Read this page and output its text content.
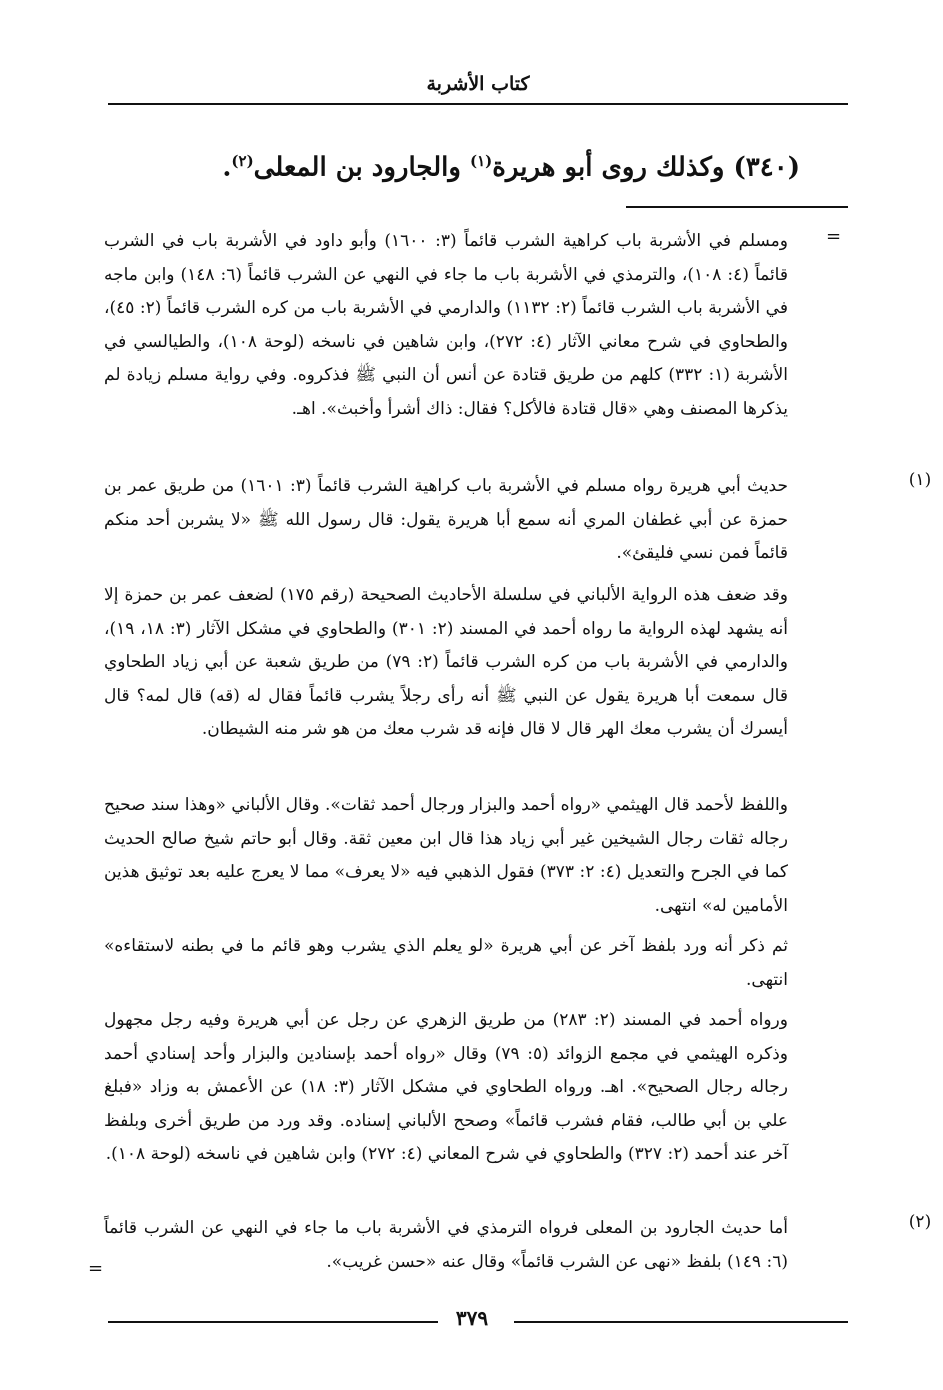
كتاب الأشربة
(٣٤٠) وكذلك روى أبو هريرة$^{(١)}$ والجارود بن المعلى$^{(٢)}$.
=
ومسلم في الأشربة باب كراهية الشرب قائماً (٣: ١٦٠٠) وأبو داود في الأشربة باب في الشرب قائماً (٤: ١٠٨)، والترمذي في الأشربة باب ما جاء في النهي عن الشرب قائماً (٦: ١٤٨) وابن ماجه في الأشربة باب الشرب قائماً (٢: ١١٣٢) والدارمي في الأشربة باب من كره الشرب قائماً (٢: ٤٥)، والطحاوي في شرح معاني الآثار (٤: ٢٧٢)، وابن شاهين في ناسخه (لوحة ١٠٨)، والطيالسي في الأشربة (١: ٣٣٢) كلهم من طريق قتادة عن أنس أن النبي ﷺ فذكروه. وفي رواية مسلم زيادة لم يذكرها المصنف وهي «قال قتادة فالأكل؟ فقال: ذاك أشرأ وأخبث». اهـ.
(١)
حديث أبي هريرة رواه مسلم في الأشربة باب كراهية الشرب قائماً (٣: ١٦٠١) من طريق عمر بن حمزة عن أبي غطفان المري أنه سمع أبا هريرة يقول: قال رسول الله ﷺ «لا يشربن أحد منكم قائماً فمن نسي فليقئ».
وقد ضعف هذه الرواية الألباني في سلسلة الأحاديث الصحيحة (رقم ١٧٥) لضعف عمر بن حمزة إلا أنه يشهد لهذه الرواية ما رواه أحمد في المسند (٢: ٣٠١) والطحاوي في مشكل الآثار (٣: ١٨، ١٩)، والدارمي في الأشربة باب من كره الشرب قائماً (٢: ٧٩) من طريق شعبة عن أبي زياد الطحاوي قال سمعت أبا هريرة يقول عن النبي ﷺ أنه رأى رجلاً يشرب قائماً فقال له (قه) قال لمه؟ قال أيسرك أن يشرب معك الهر قال لا قال فإنه قد شرب معك من هو شر منه الشيطان.
واللفظ لأحمد قال الهيثمي «رواه أحمد والبزار ورجال أحمد ثقات». وقال الألباني «وهذا سند صحيح رجاله ثقات رجال الشيخين غير أبي زياد هذا قال ابن معين ثقة. وقال أبو حاتم شيخ صالح الحديث كما في الجرح والتعديل (٤: ٢: ٣٧٣) فقول الذهبي فيه «لا يعرف» مما لا يعرج عليه بعد توثيق هذين الأمامين له» انتهى.
ثم ذكر أنه ورد بلفظ آخر عن أبي هريرة «لو يعلم الذي يشرب وهو قائم ما في بطنه لاستقاءه» انتهى.
ورواه أحمد في المسند (٢: ٢٨٣) من طريق الزهري عن رجل عن أبي هريرة وفيه رجل مجهول وذكره الهيثمي في مجمع الزوائد (٥: ٧٩) وقال «رواه أحمد بإسنادين والبزار وأحد إسنادي أحمد رجاله رجال الصحيح». اهـ. ورواه الطحاوي في مشكل الآثار (٣: ١٨) عن الأعمش به وزاد «فبلغ علي بن أبي طالب، فقام فشرب قائماً» وصحح الألباني إسناده. وقد ورد من طريق أخرى وبلفظ آخر عند أحمد (٢: ٣٢٧) والطحاوي في شرح المعاني (٤: ٢٧٢) وابن شاهين في ناسخه (لوحة ١٠٨).
(٢)
أما حديث الجارود بن المعلى فرواه الترمذي في الأشربة باب ما جاء في النهي عن الشرب قائماً (٦: ١٤٩) بلفظ «نهى عن الشرب قائماً» وقال عنه «حسن غريب».
=
٣٧٩
